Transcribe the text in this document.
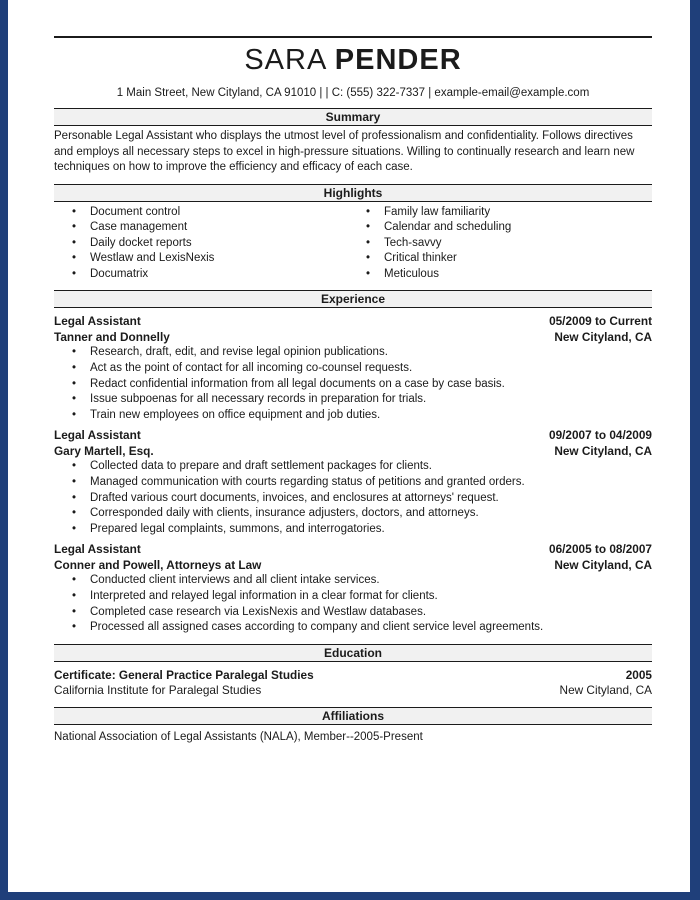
SARA PENDER
1 Main Street, New Cityland, CA 91010 | | C: (555) 322-7337 | example-email@example.com
Summary
Personable Legal Assistant who displays the utmost level of professionalism and confidentiality. Follows directives and employs all necessary steps to excel in high-pressure situations. Willing to continually research and learn new techniques on how to improve the efficiency and efficacy of each case.
Highlights
• Document control
• Case management
• Daily docket reports
• Westlaw and LexisNexis
• Documatrix
• Family law familiarity
• Calendar and scheduling
• Tech-savvy
• Critical thinker
• Meticulous
Experience
Legal Assistant	05/2009 to Current
Tanner and Donnelly	New Cityland, CA
• Research, draft, edit, and revise legal opinion publications.
• Act as the point of contact for all incoming co-counsel requests.
• Redact confidential information from all legal documents on a case by case basis.
• Issue subpoenas for all necessary records in preparation for trials.
• Train new employees on office equipment and job duties.
Legal Assistant	09/2007 to 04/2009
Gary Martell, Esq.	New Cityland, CA
• Collected data to prepare and draft settlement packages for clients.
• Managed communication with courts regarding status of petitions and granted orders.
• Drafted various court documents, invoices, and enclosures at attorneys' request.
• Corresponded daily with clients, insurance adjusters, doctors, and attorneys.
• Prepared legal complaints, summons, and interrogatories.
Legal Assistant	06/2005 to 08/2007
Conner and Powell, Attorneys at Law	New Cityland, CA
• Conducted client interviews and all client intake services.
• Interpreted and relayed legal information in a clear format for clients.
• Completed case research via LexisNexis and Westlaw databases.
• Processed all assigned cases according to company and client service level agreements.
Education
Certificate: General Practice Paralegal Studies	2005
California Institute for Paralegal Studies	New Cityland, CA
Affiliations
National Association of Legal Assistants (NALA), Member--2005-Present
